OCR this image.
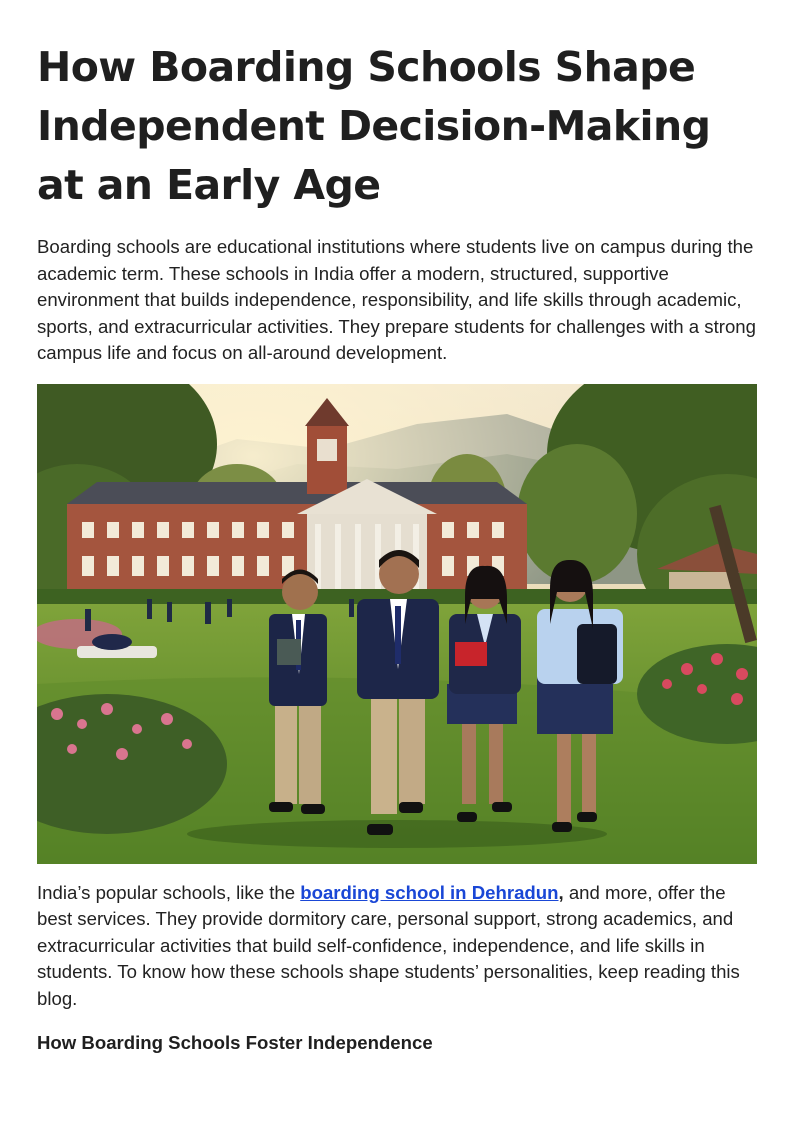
How Boarding Schools Shape Independent Decision-Making at an Early Age

Boarding schools are educational institutions where students live on campus during the academic term. These schools in India offer a modern, structured, supportive environment that builds independence, responsibility, and life skills through academic, sports, and extracurricular activities. They prepare students for challenges with a strong campus life and focus on all-around development.

India’s popular schools, like the boarding school in Dehradun, and more, offer the best services. They provide dormitory care, personal support, strong academics, and extracurricular activities that build self-confidence, independence, and life skills in students. To know how these schools shape students’ personalities, keep reading this blog.

How Boarding Schools Foster Independence
